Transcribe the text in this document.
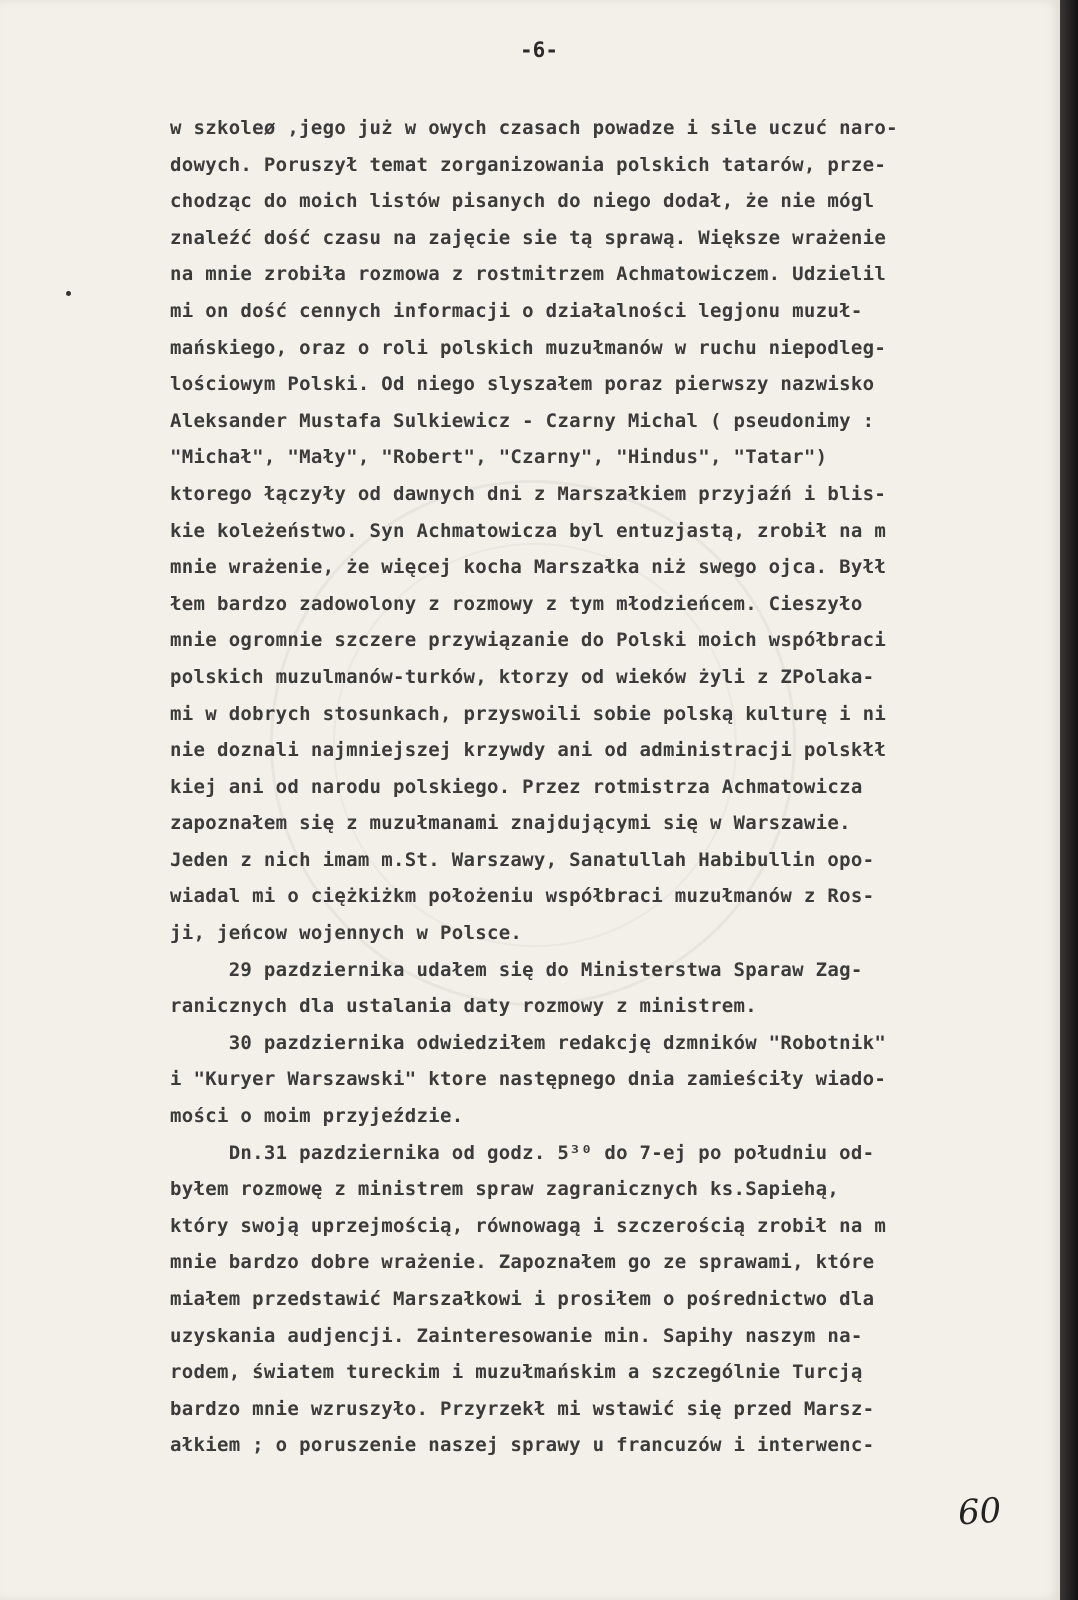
-6-
w szkoleø ,jego już w owych czasach powadze i sile uczuć naro-
dowych. Poruszył temat zorganizowania polskich tatarów, prze-
chodząc do moich listów pisanych do niego dodał, że nie mógl
znaleźć dość czasu na zajęcie sie tą sprawą. Większe wrażenie
na mnie zrobiła rozmowa z rostmitrzem Achmatowiczem. Udzielil
mi on dość cennych informacji o działalności legjonu muzuł-
mańskiego, oraz o roli polskich muzułmanów w ruchu niepodleg-
lościowym Polski. Od niego slyszałem poraz pierwszy nazwisko
Aleksander Mustafa Sulkiewicz - Czarny Michal ( pseudonimy :
"Michał", "Mały", "Robert", "Czarny", "Hindus", "Tatar")
ktorego łączyły od dawnych dni z Marszałkiem przyjaźń i blis-
kie koleżeństwo. Syn Achmatowicza byl entuzjastą, zrobił na m
mnie wrażenie, że więcej kocha Marszałka niż swego ojca. Byłł
łem bardzo zadowolony z rozmowy z tym młodzieńcem. Cieszyło
mnie ogromnie szczere przywiązanie do Polski moich współbraci
polskich muzulmanów-turków, ktorzy od wieków żyli z ZPolaka-
mi w dobrych stosunkach, przyswoili sobie polską kulturę i ni
nie doznali najmniejszej krzywdy ani od administracji polskłł
kiej ani od narodu polskiego. Przez rotmistrza Achmatowicza
zapoznałem się z muzułmanami znajdującymi się w Warszawie.
Jeden z nich imam m.St. Warszawy, Sanatullah Habibullin opo-
wiadal mi o ciężkiżkm położeniu współbraci muzułmanów z Ros-
ji, jeńcow wojennych w Polsce.
29 pazdziernika udałem się do Ministerstwa Sparaw Zag-
ranicznych dla ustalania daty rozmowy z ministrem.
30 pazdziernika odwiedziłem redakcję dzmników "Robotnik"
i "Kuryer Warszawski" ktore następnego dnia zamieściły wiado-
mości o moim przyjeździe.
Dn.31 pazdziernika od godz. 5³⁰ do 7-ej po południu od-
byłem rozmowę z ministrem spraw zagranicznych ks.Sapiehą,
który swoją uprzejmością, równowagą i szczerością zrobił na m
mnie bardzo dobre wrażenie. Zapoznałem go ze sprawami, które
miałem przedstawić Marszałkowi i prosiłem o pośrednictwo dla
uzyskania audjencji. Zainteresowanie min. Sapihy naszym na-
rodem, światem tureckim i muzułmańskim a szczególnie Turcją
bardzo mnie wzruszyło. Przyrzekł mi wstawić się przed Marsz-
ałkiem ; o poruszenie naszej sprawy u francuzów i interwenc-
60
